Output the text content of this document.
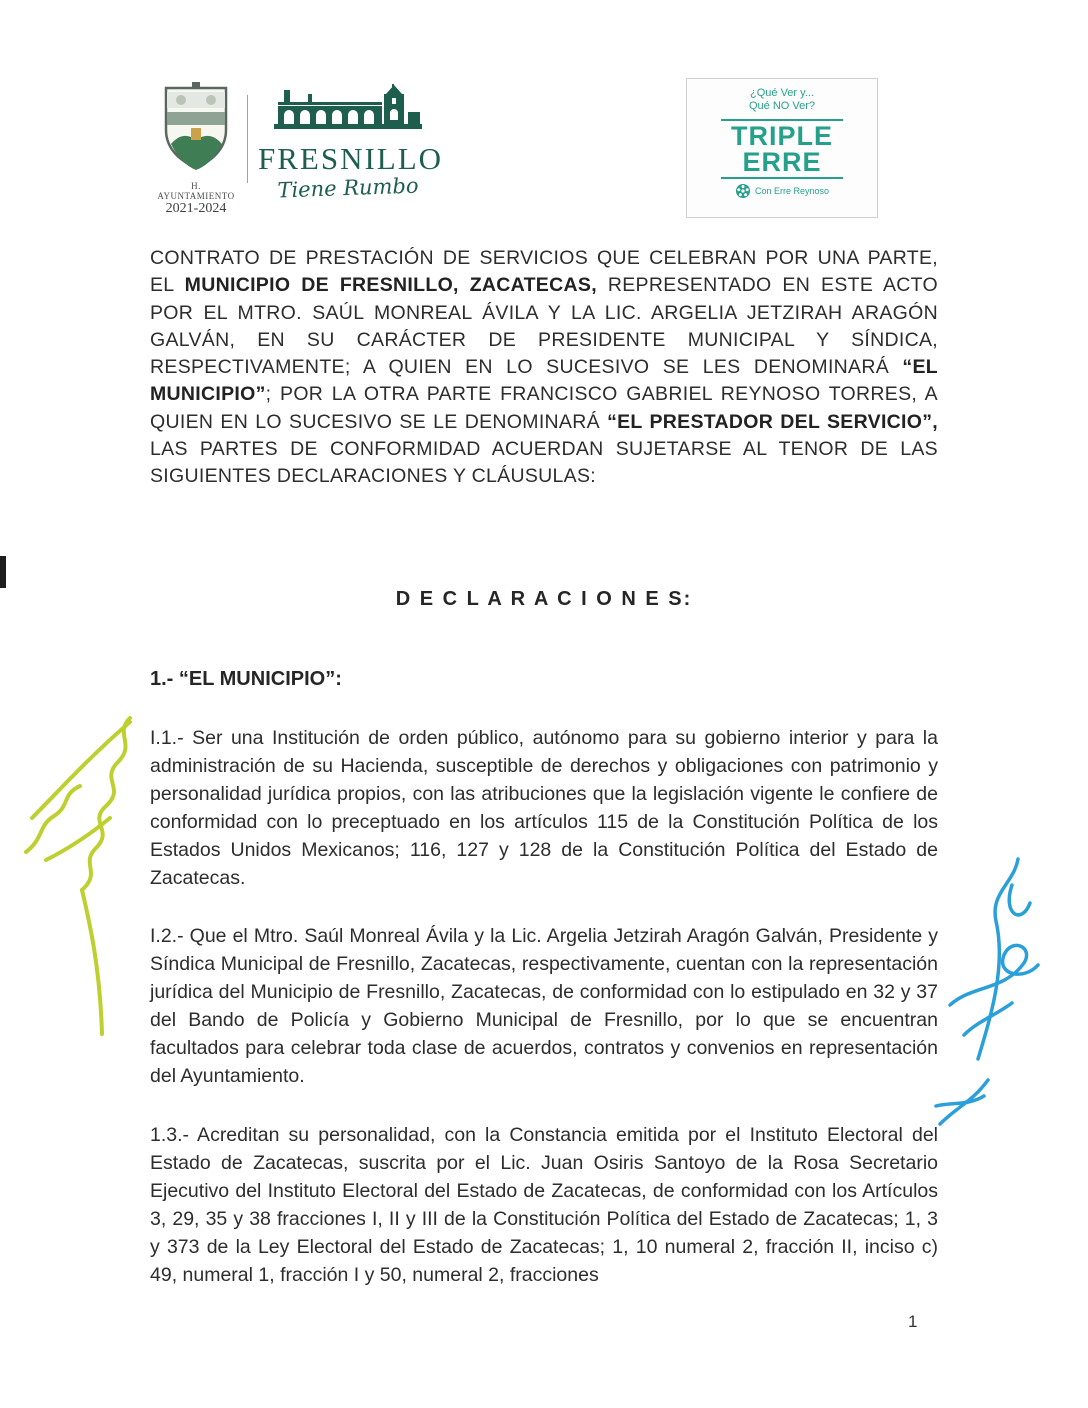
H. AYUNTAMIENTO
2021-2024
FRESNILLO
Tiene Rumbo
¿Qué Ver y...
Qué NO Ver?
TRIPLE
ERRE
Con Erre Reynoso

CONTRATO DE PRESTACIÓN DE SERVICIOS QUE CELEBRAN POR UNA PARTE, EL MUNICIPIO DE FRESNILLO, ZACATECAS, REPRESENTADO EN ESTE ACTO POR EL MTRO. SAÚL MONREAL ÁVILA Y LA LIC. ARGELIA JETZIRAH ARAGÓN GALVÁN, EN SU CARÁCTER DE PRESIDENTE MUNICIPAL Y SÍNDICA, RESPECTIVAMENTE; A QUIEN EN LO SUCESIVO SE LES DENOMINARÁ “EL MUNICIPIO”; POR LA OTRA PARTE FRANCISCO GABRIEL REYNOSO TORRES, A QUIEN EN LO SUCESIVO SE LE DENOMINARÁ “EL PRESTADOR DEL SERVICIO”, LAS PARTES DE CONFORMIDAD ACUERDAN SUJETARSE AL TENOR DE LAS SIGUIENTES DECLARACIONES Y CLÁUSULAS:

D E C L A R A C I O N E S:
1.- “EL MUNICIPIO”:

I.1.- Ser una Institución de orden público, autónomo para su gobierno interior y para la administración de su Hacienda, susceptible de derechos y obligaciones con patrimonio y personalidad jurídica propios, con las atribuciones que la legislación vigente le confiere de conformidad con lo preceptuado en los artículos 115 de la Constitución Política de los Estados Unidos Mexicanos; 116, 127 y 128 de la Constitución Política del Estado de Zacatecas.

I.2.- Que el Mtro. Saúl Monreal Ávila y la Lic. Argelia Jetzirah Aragón Galván, Presidente y Síndica Municipal de Fresnillo, Zacatecas, respectivamente, cuentan con la representación jurídica del Municipio de Fresnillo, Zacatecas, de conformidad con lo estipulado en 32 y 37 del Bando de Policía y Gobierno Municipal de Fresnillo, por lo que se encuentran facultados para celebrar toda clase de acuerdos, contratos y convenios en representación del Ayuntamiento.

1.3.- Acreditan su personalidad, con la Constancia emitida por el Instituto Electoral del Estado de Zacatecas, suscrita por el Lic. Juan Osiris Santoyo de la Rosa Secretario Ejecutivo del Instituto Electoral del Estado de Zacatecas, de conformidad con los Artículos 3, 29, 35 y 38 fracciones I, II y III de la Constitución Política del Estado de Zacatecas; 1, 3 y 373 de la Ley Electoral del Estado de Zacatecas; 1, 10 numeral 2, fracción II, inciso c) 49, numeral 1, fracción I y 50, numeral 2, fracciones

1
